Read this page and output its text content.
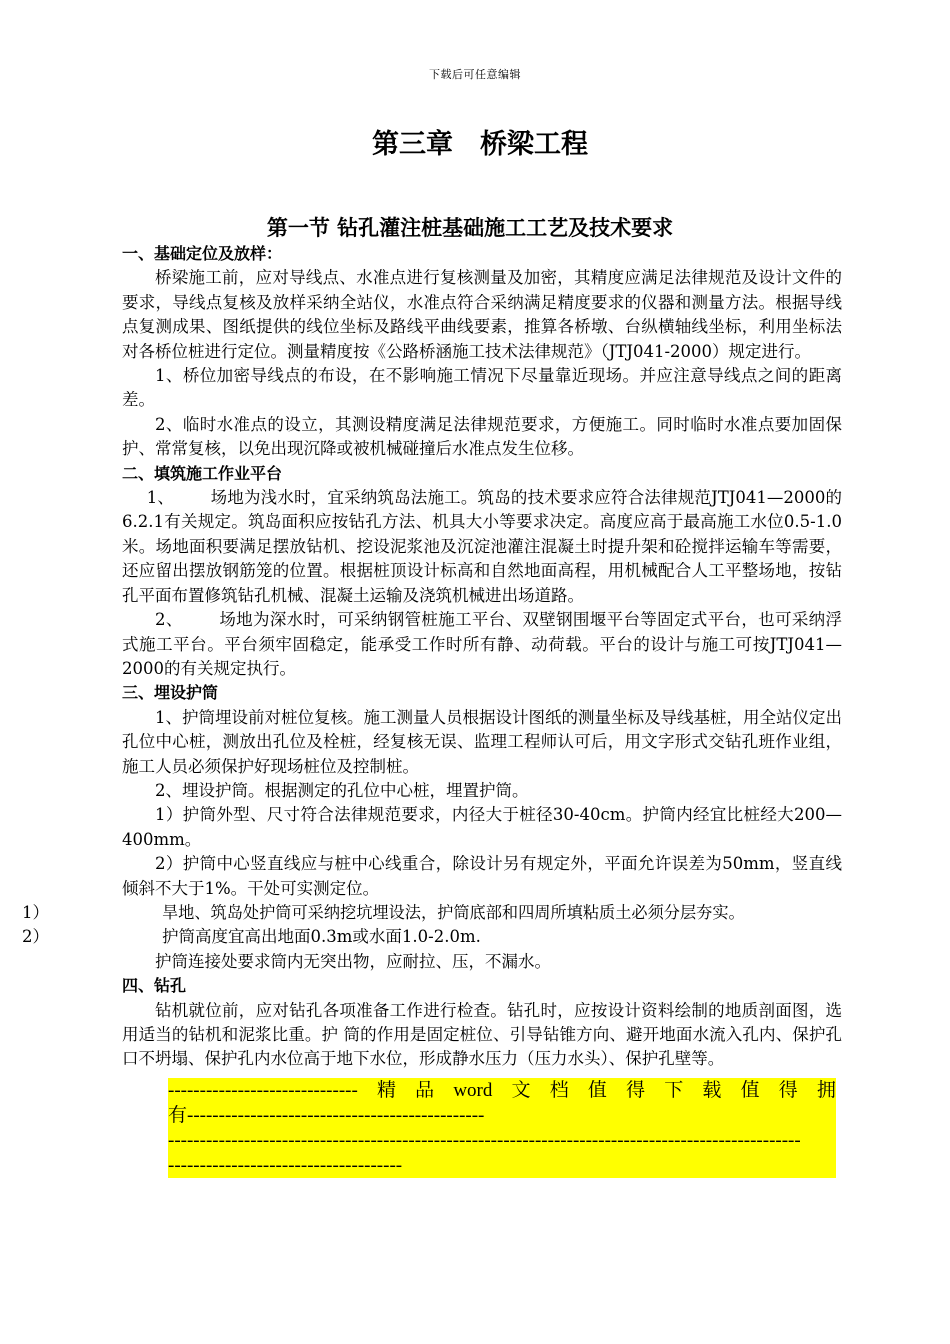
下载后可任意编辑
第三章　桥梁工程
第一节 钻孔灌注桩基础施工工艺及技术要求
一、基础定位及放样：

桥梁施工前，应对导线点、水准点进行复核测量及加密，其精度应满足法律规范及设计文件的要求，导线点复核及放样采纳全站仪，水准点符合采纳满足精度要求的仪器和测量方法。根据导线点复测成果、图纸提供的线位坐标及路线平曲线要素，推算各桥墩、台纵横轴线坐标，利用坐标法对各桥位桩进行定位。测量精度按《公路桥涵施工技术法律规范》（JTJ041-2000）规定进行。

1、桥位加密导线点的布设，在不影响施工情况下尽量靠近现场。并应注意导线点之间的距离差。

2、临时水准点的设立，其测设精度满足法律规范要求，方便施工。同时临时水准点要加固保护、常常复核，以免出现沉降或被机械碰撞后水准点发生位移。

二、填筑施工作业平台

1、 场地为浅水时，宜采纳筑岛法施工。筑岛的技术要求应符合法律规范JTJ041—2000的6.2.1有关规定。筑岛面积应按钻孔方法、机具大小等要求决定。高度应高于最高施工水位0.5-1.0米。场地面积要满足摆放钻机、挖设泥浆池及沉淀池灌注混凝土时提升架和砼搅拌运输车等需要，还应留出摆放钢筋笼的位置。根据桩顶设计标高和自然地面高程，用机械配合人工平整场地，按钻孔平面布置修筑钻孔机械、混凝土运输及浇筑机械进出场道路。

2、 场地为深水时，可采纳钢管桩施工平台、双壁钢围堰平台等固定式平台，也可采纳浮式施工平台。平台须牢固稳定，能承受工作时所有静、动荷载。平台的设计与施工可按JTJ041—2000的有关规定执行。

三、埋设护筒

1、护筒埋设前对桩位复核。施工测量人员根据设计图纸的测量坐标及导线基桩，用全站仪定出孔位中心桩，测放出孔位及栓桩，经复核无误、监理工程师认可后，用文字形式交钻孔班作业组，施工人员必须保护好现场桩位及控制桩。

2、埋设护筒。根据测定的孔位中心桩，埋置护筒。

1）护筒外型、尺寸符合法律规范要求，内径大于桩径30-40cm。护筒内经宜比桩经大200—400mm。

2）护筒中心竖直线应与桩中心线重合，除设计另有规定外，平面允许误差为50mm，竖直线倾斜不大于1%。干处可实测定位。

1）	旱地、筑岛处护筒可采纳挖坑埋设法，护筒底部和四周所填粘质土必须分层夯实。
2）	护筒高度宜高出地面0.3m或水面1.0-2.0m.

护筒连接处要求筒内无突出物，应耐拉、压，不漏水。

四、钻孔

钻机就位前，应对钻孔各项准备工作进行检查。钻孔时，应按设计资料绘制的地质剖面图，选用适当的钻机和泥浆比重。护 筒的作用是固定桩位、引导钻锥方向、避开地面水流入孔内、保护孔口不坍塌、保护孔内水位高于地下水位，形成静水压力（压力水头）、保护孔壁等。

------------------------------ 精 品 word 文 档 值 得 下 载 值 得 拥
有-----------------------------------------------
----------------------------------------------------------------------------------------------------
-------------------------------------
